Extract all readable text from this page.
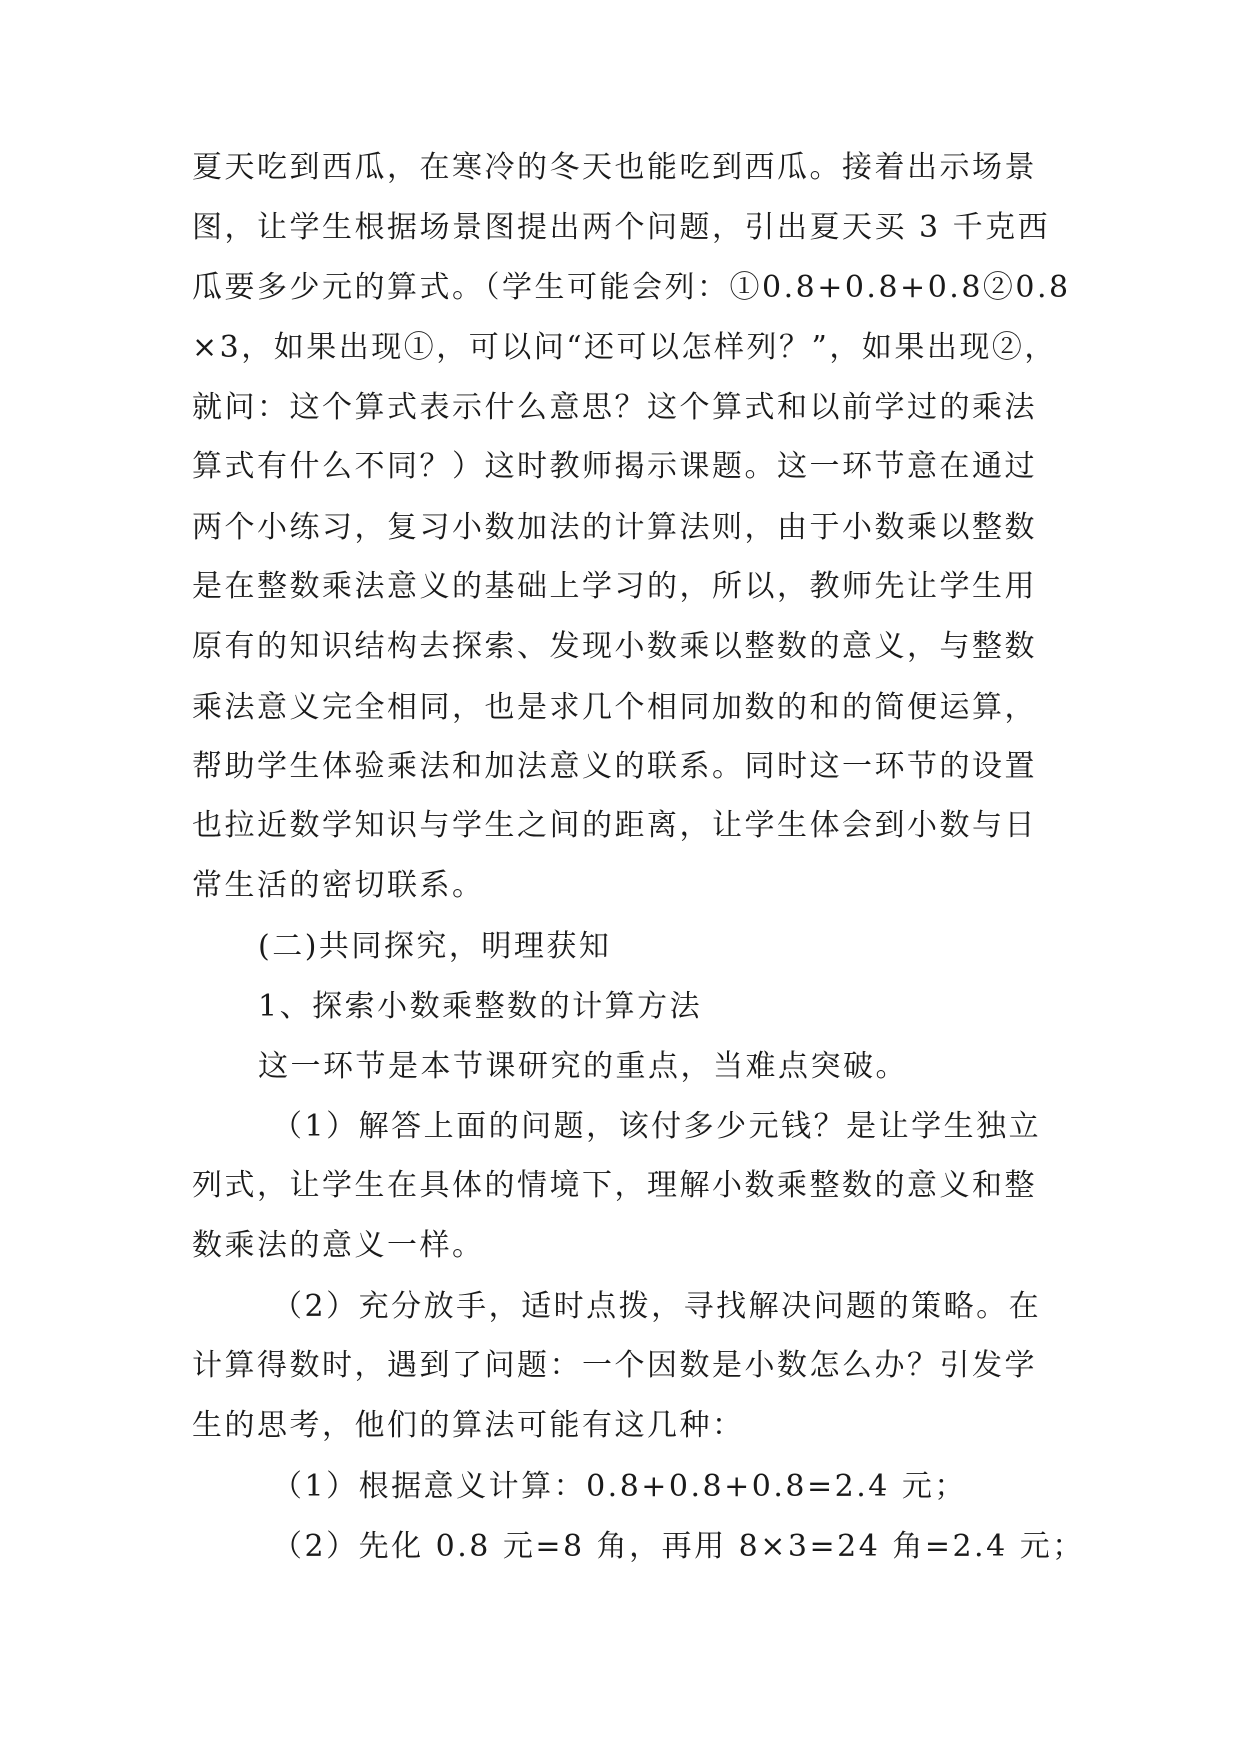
夏天吃到西瓜，在寒冷的冬天也能吃到西瓜。接着出示场景
图，让学生根据场景图提出两个问题，引出夏天买 3 千克西
瓜要多少元的算式。（学生可能会列：①0.8+0.8+0.8②0.8
×3，如果出现①，可以问“还可以怎样列？”，如果出现②，
就问：这个算式表示什么意思？这个算式和以前学过的乘法
算式有什么不同？）这时教师揭示课题。这一环节意在通过
两个小练习，复习小数加法的计算法则，由于小数乘以整数
是在整数乘法意义的基础上学习的，所以，教师先让学生用
原有的知识结构去探索、发现小数乘以整数的意义，与整数
乘法意义完全相同，也是求几个相同加数的和的简便运算，
帮助学生体验乘法和加法意义的联系。同时这一环节的设置
也拉近数学知识与学生之间的距离，让学生体会到小数与日
常生活的密切联系。
(二)共同探究，明理获知
1、探索小数乘整数的计算方法
这一环节是本节课研究的重点，当难点突破。
（1）解答上面的问题，该付多少元钱？是让学生独立
列式，让学生在具体的情境下，理解小数乘整数的意义和整
数乘法的意义一样。
（2）充分放手，适时点拨，寻找解决问题的策略。在
计算得数时，遇到了问题：一个因数是小数怎么办？引发学
生的思考，他们的算法可能有这几种：
（1）根据意义计算：0.8+0.8+0.8=2.4 元；
（2）先化 0.8 元=8 角，再用 8×3=24 角=2.4 元；
